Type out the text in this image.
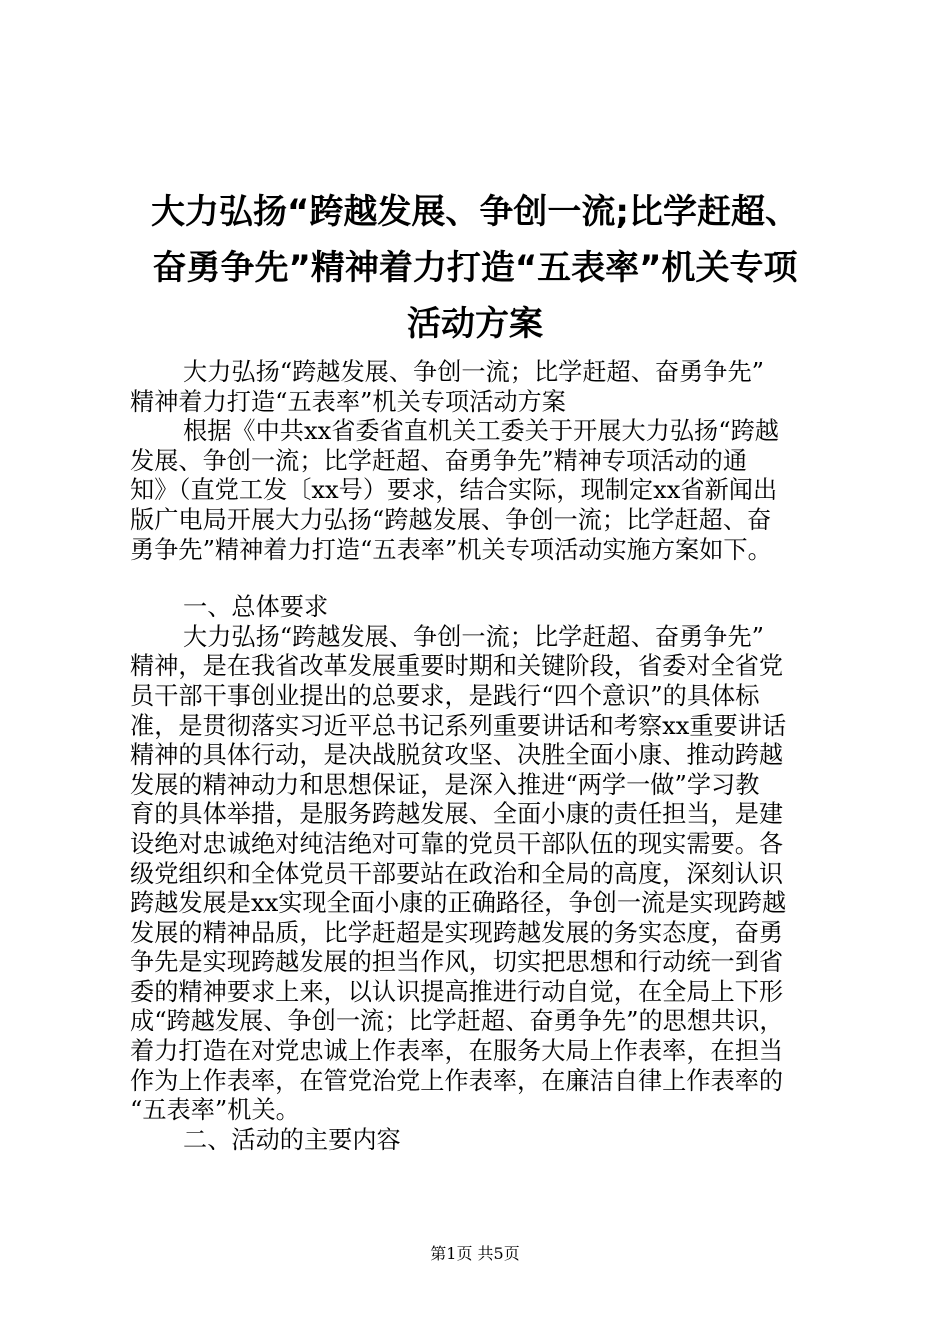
大力弘扬“跨越发展、争创一流;比学赶超、
奋勇争先”精神着力打造“五表率”机关专项
活动方案
大力弘扬“跨越发展、争创一流；比学赶超、奋勇争先”
精神着力打造“五表率”机关专项活动方案
根据《中共xx省委省直机关工委关于开展大力弘扬“跨越
发展、争创一流；比学赶超、奋勇争先”精神专项活动的通
知》（直党工发〔xx号）要求，结合实际，现制定xx省新闻出
版广电局开展大力弘扬“跨越发展、争创一流；比学赶超、奋
勇争先”精神着力打造“五表率”机关专项活动实施方案如下。
一、总体要求
大力弘扬“跨越发展、争创一流；比学赶超、奋勇争先”
精神，是在我省改革发展重要时期和关键阶段，省委对全省党
员干部干事创业提出的总要求，是践行“四个意识”的具体标
准，是贯彻落实习近平总书记系列重要讲话和考察xx重要讲话
精神的具体行动，是决战脱贫攻坚、决胜全面小康、推动跨越
发展的精神动力和思想保证，是深入推进“两学一做”学习教
育的具体举措，是服务跨越发展、全面小康的责任担当，是建
设绝对忠诚绝对纯洁绝对可靠的党员干部队伍的现实需要。各
级党组织和全体党员干部要站在政治和全局的高度，深刻认识
跨越发展是xx实现全面小康的正确路径，争创一流是实现跨越
发展的精神品质，比学赶超是实现跨越发展的务实态度，奋勇
争先是实现跨越发展的担当作风，切实把思想和行动统一到省
委的精神要求上来，以认识提高推进行动自觉，在全局上下形
成“跨越发展、争创一流；比学赶超、奋勇争先”的思想共识，
着力打造在对党忠诚上作表率，在服务大局上作表率，在担当
作为上作表率，在管党治党上作表率，在廉洁自律上作表率的
“五表率”机关。
二、活动的主要内容
第1页 共5页
